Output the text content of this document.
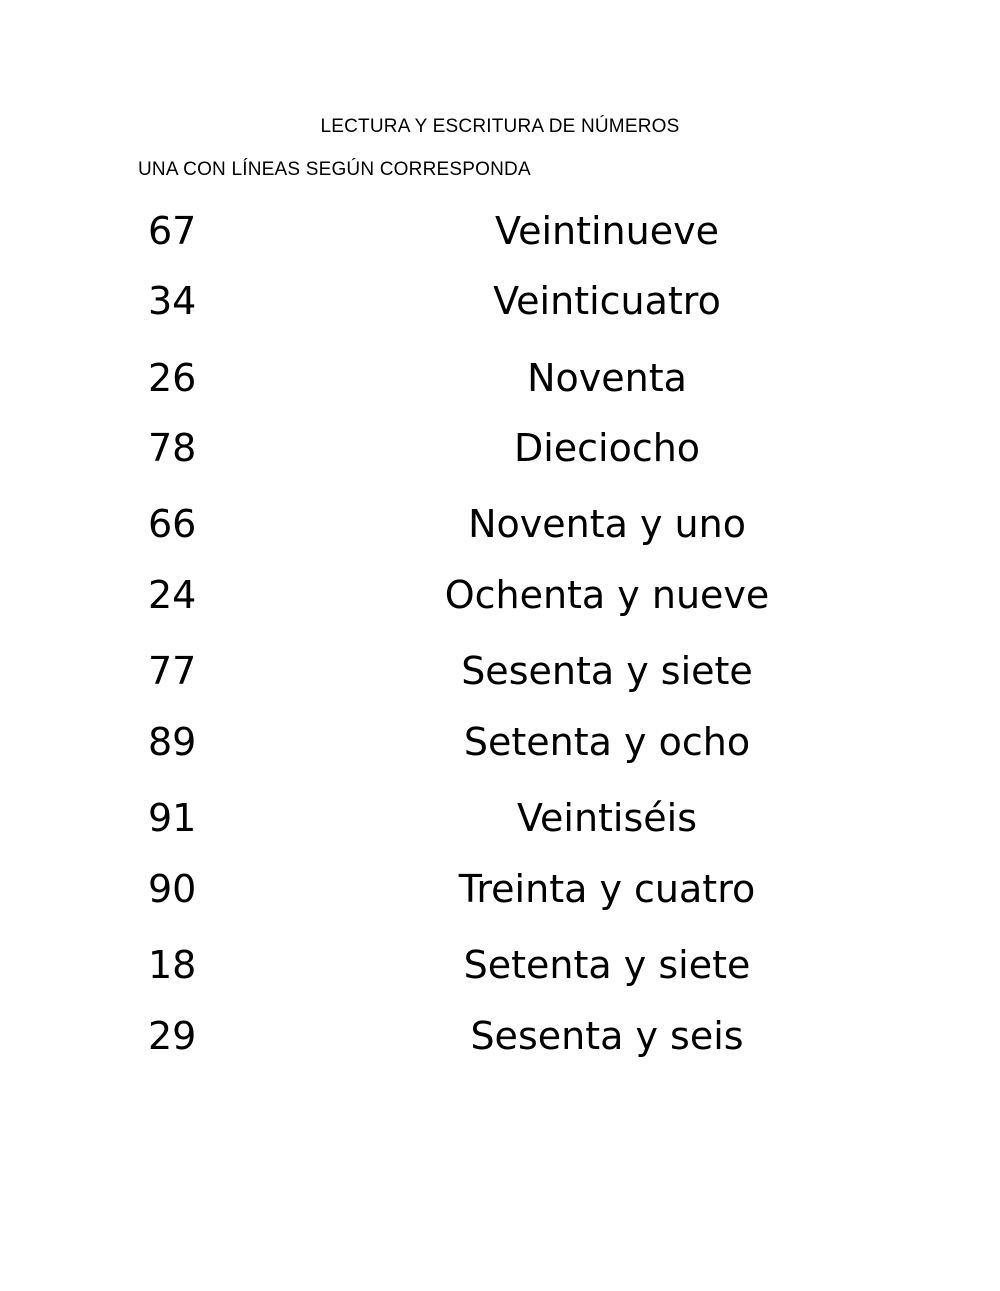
LECTURA Y ESCRITURA DE NÚMEROS
UNA CON LÍNEAS SEGÚN CORRESPONDA
67	Veintinueve
34	Veinticuatro
26	Noventa
78	Dieciocho
66	Noventa y uno
24	Ochenta y nueve
77	Sesenta y siete
89	Setenta y ocho
91	Veintiséis
90	Treinta y cuatro
18	Setenta y siete
29	Sesenta y seis
